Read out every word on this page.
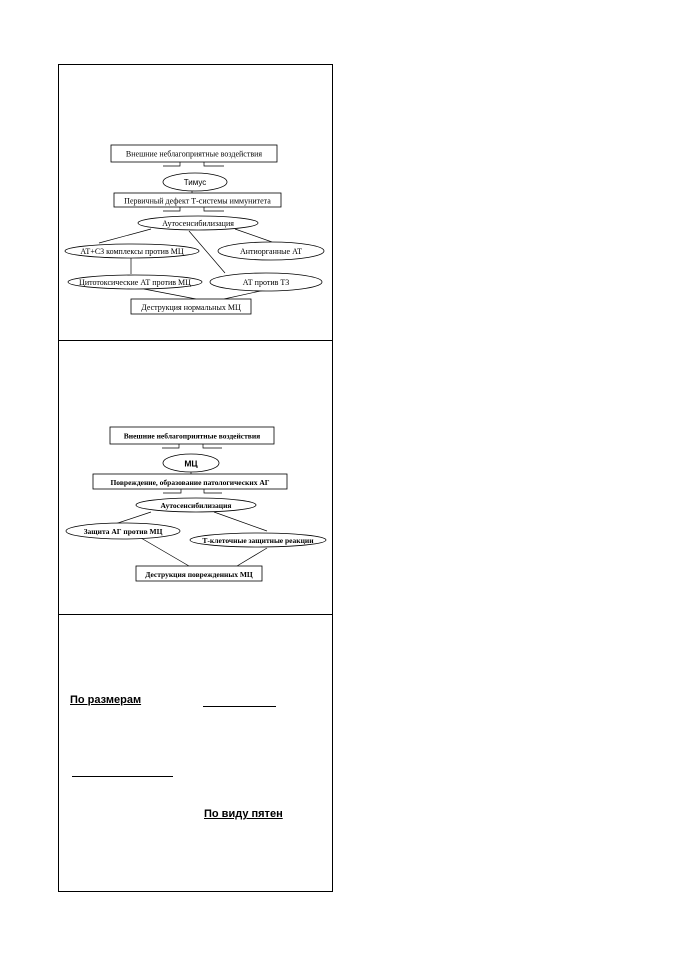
Внешние неблагоприятные воздействия
Тимус
Первичный дефект Т-системы иммунитета
Аутосенсибилизация
АТ+С3 комплексы против МЦ	Антиорганные АТ
Цитотоксические АТ против МЦ	АТ против Т3
Деструкция нормальных МЦ
Внешние неблагоприятные воздействия
МЦ
Повреждение, образование патологических АГ
Аутосенсибилизация
Защита АГ против МЦ
Т-клеточные защитные реакции
Деструкция поврежденных МЦ
По размерам
По виду пятен
